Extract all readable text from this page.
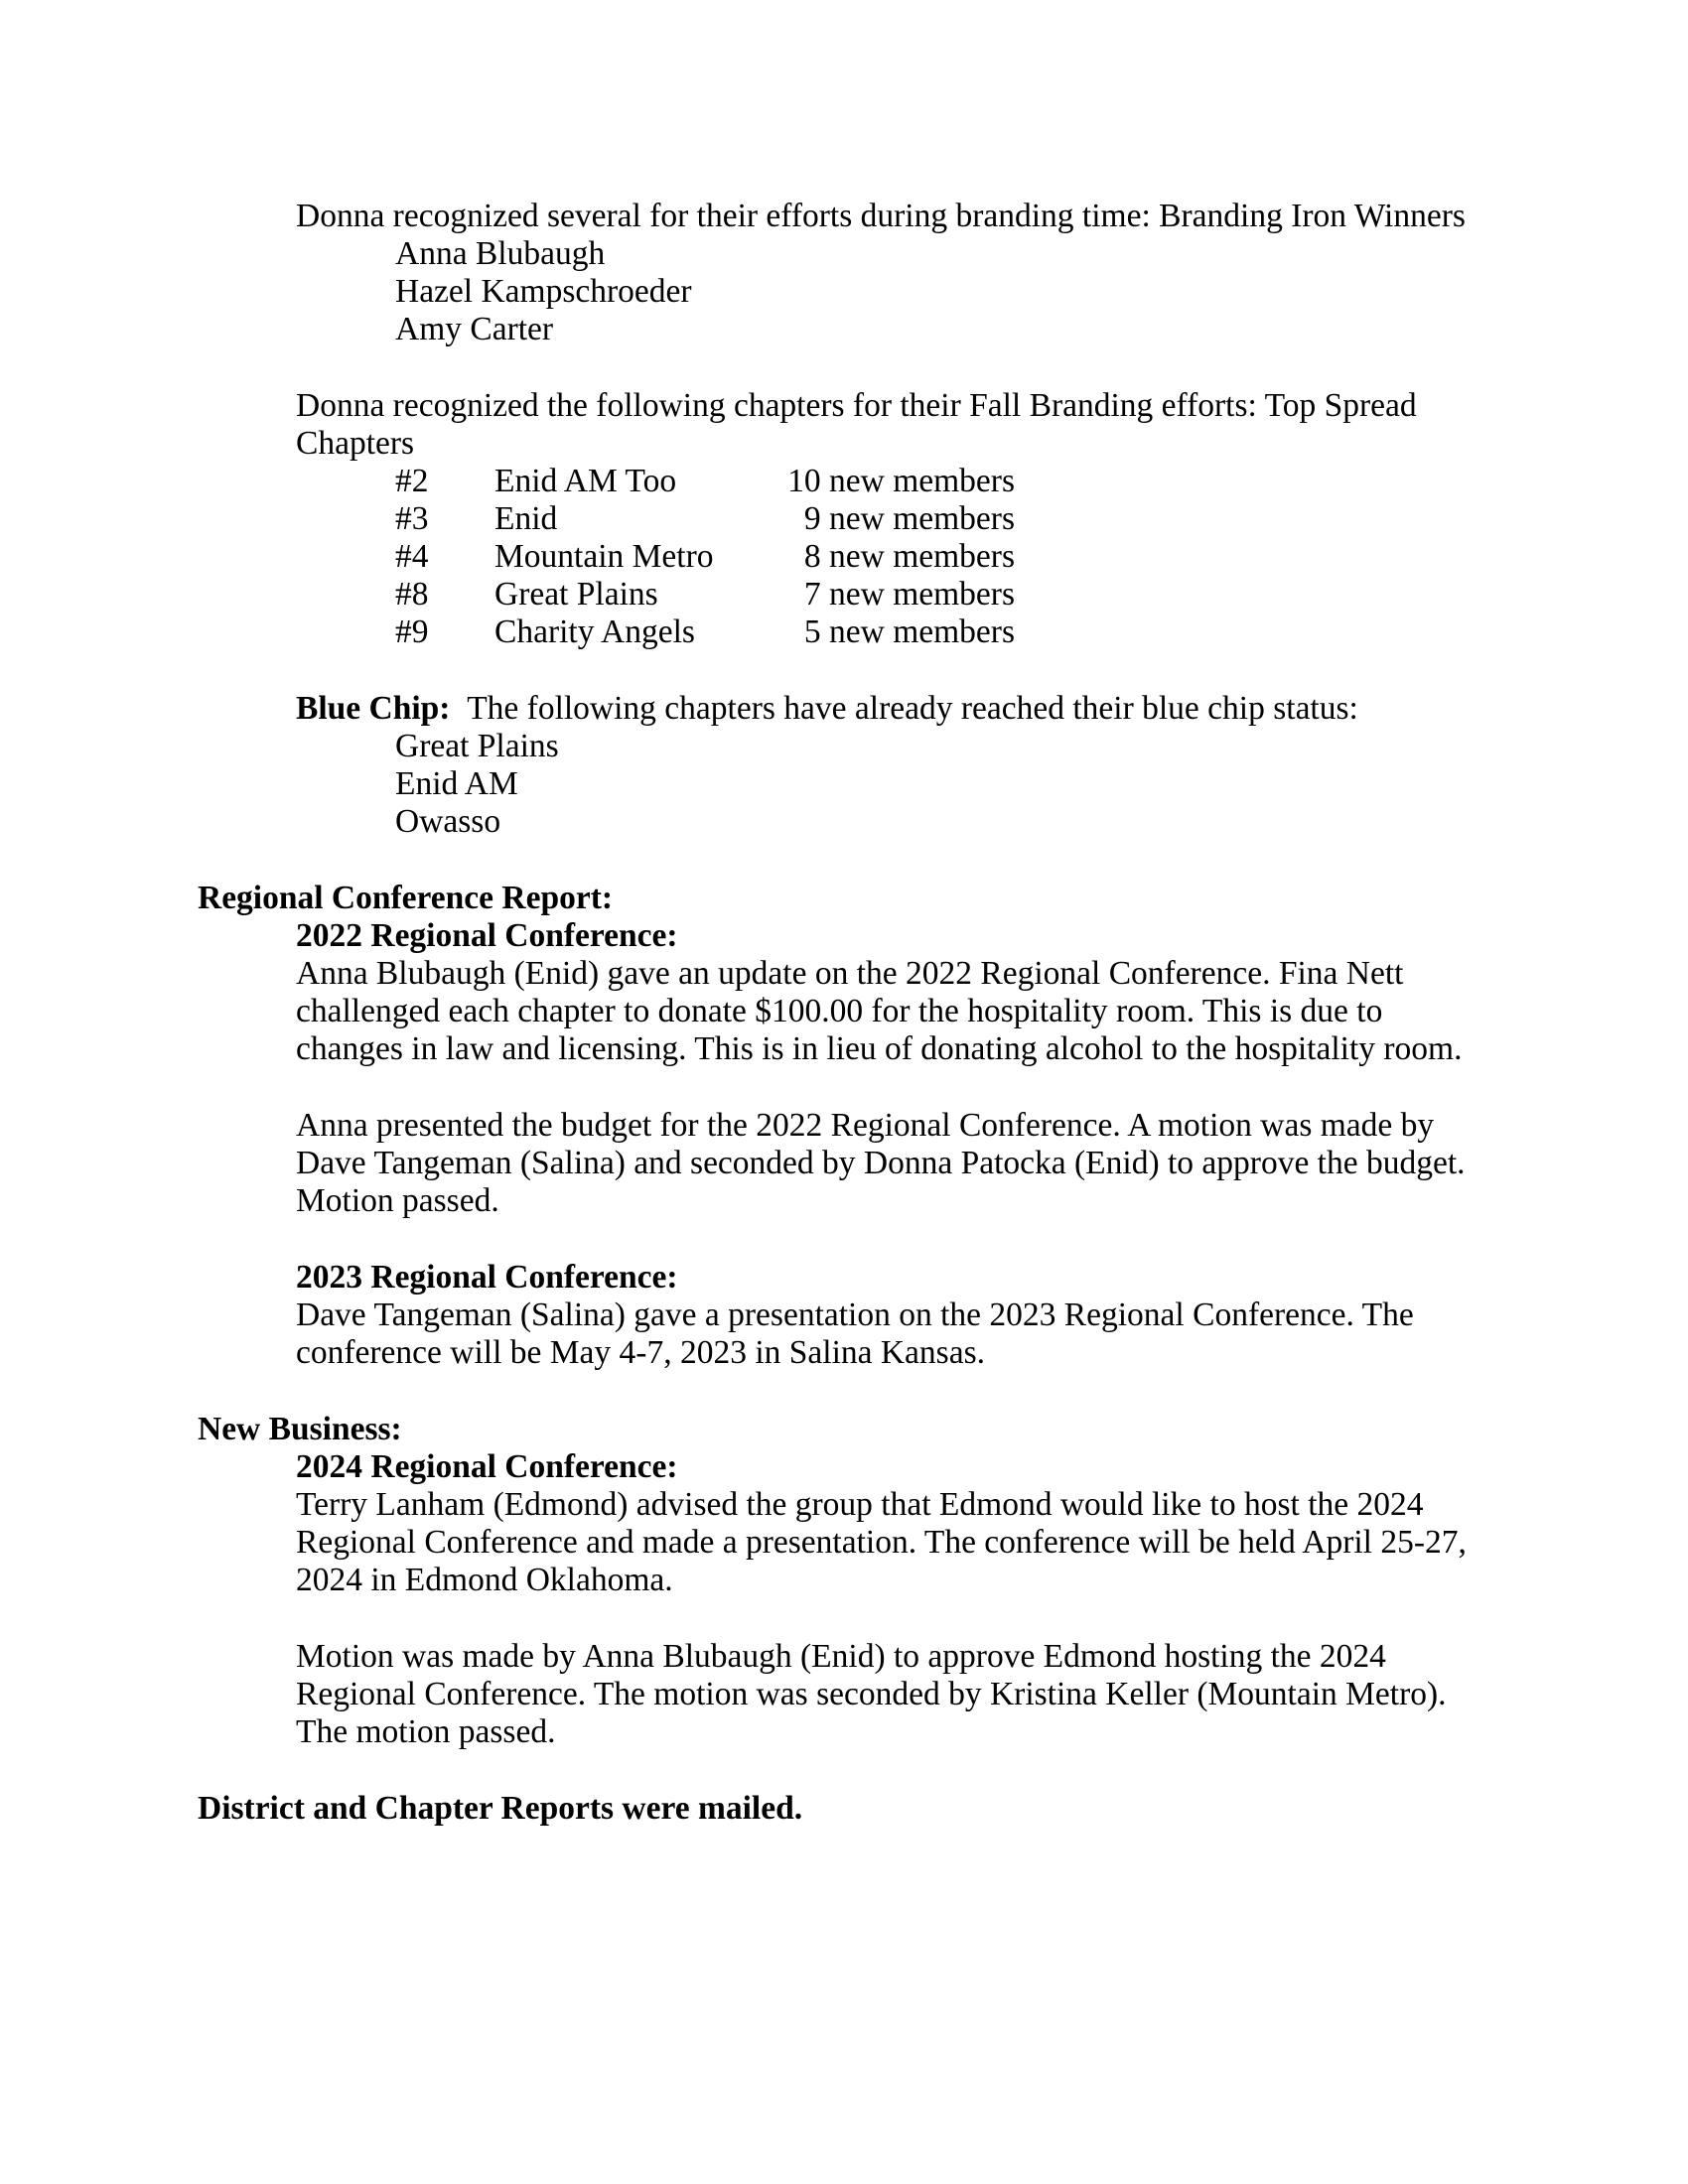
Donna recognized several for their efforts during branding time: Branding Iron Winners
Anna Blubaugh
Hazel Kampschroeder
Amy Carter
Donna recognized the following chapters for their Fall Branding efforts: Top Spread
Chapters
#2 Enid AM Too	10 new members
#3 Enid	9 new members
#4 Mountain Metro	8 new members
#8 Great Plains	7 new members
#9 Charity Angels	5 new members
Blue Chip: The following chapters have already reached their blue chip status:
Great Plains
Enid AM
Owasso
Regional Conference Report:
2022 Regional Conference:
Anna Blubaugh (Enid) gave an update on the 2022 Regional Conference. Fina Nett
challenged each chapter to donate $100.00 for the hospitality room. This is due to
changes in law and licensing. This is in lieu of donating alcohol to the hospitality room.
Anna presented the budget for the 2022 Regional Conference. A motion was made by
Dave Tangeman (Salina) and seconded by Donna Patocka (Enid) to approve the budget.
Motion passed.
2023 Regional Conference:
Dave Tangeman (Salina) gave a presentation on the 2023 Regional Conference. The
conference will be May 4-7, 2023 in Salina Kansas.
New Business:
2024 Regional Conference:
Terry Lanham (Edmond) advised the group that Edmond would like to host the 2024
Regional Conference and made a presentation. The conference will be held April 25-27,
2024 in Edmond Oklahoma.
Motion was made by Anna Blubaugh (Enid) to approve Edmond hosting the 2024
Regional Conference. The motion was seconded by Kristina Keller (Mountain Metro).
The motion passed.
District and Chapter Reports were mailed.
